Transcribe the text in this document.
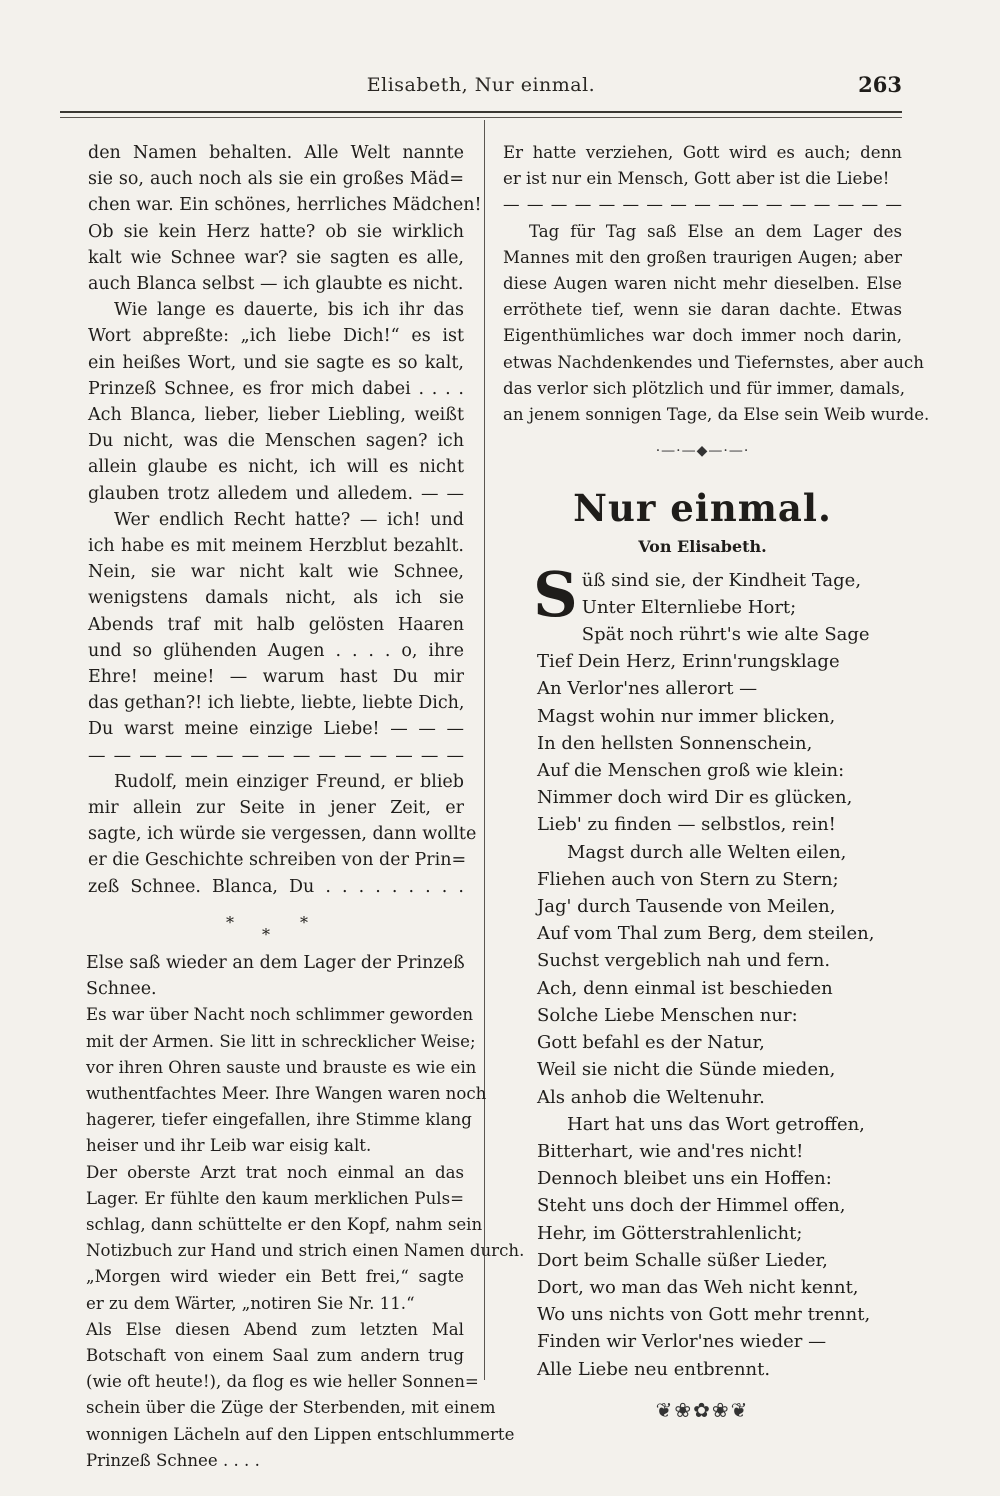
Elisabeth, Nur einmal.	263
den Namen behalten. Alle Welt nannte
sie so, auch noch als sie ein großes Mäd=
chen war. Ein schönes, herrliches Mädchen!
Ob sie kein Herz hatte? ob sie wirklich
kalt wie Schnee war? sie sagten es alle,
auch Blanca selbst — ich glaubte es nicht.
Wie lange es dauerte, bis ich ihr das
Wort abpreßte: „ich liebe Dich!“ es ist
ein heißes Wort, und sie sagte es so kalt,
Prinzeß Schnee, es fror mich dabei . . . .
Ach Blanca, lieber, lieber Liebling, weißt
Du nicht, was die Menschen sagen? ich
allein glaube es nicht, ich will es nicht
glauben trotz alledem und alledem. — —
Wer endlich Recht hatte? — ich! und
ich habe es mit meinem Herzblut bezahlt.
Nein, sie war nicht kalt wie Schnee,
wenigstens damals nicht, als ich sie
Abends traf mit halb gelösten Haaren
und so glühenden Augen . . . . o, ihre
Ehre! meine! — warum hast Du mir
das gethan?! ich liebte, liebte, liebte Dich,
Du warst meine einzige Liebe! — — —
— — — — — — — — — — — — — — —
Rudolf, mein einziger Freund, er blieb
mir allein zur Seite in jener Zeit, er
sagte, ich würde sie vergessen, dann wollte
er die Geschichte schreiben von der Prin=
zeß Schnee. Blanca, Du . . . . . . . . .
*
*
*
Else saß wieder an dem Lager der Prinzeß
Schnee.
Es war über Nacht noch schlimmer geworden
mit der Armen. Sie litt in schrecklicher Weise;
vor ihren Ohren sauste und brauste es wie ein
wuthentfachtes Meer. Ihre Wangen waren noch
hagerer, tiefer eingefallen, ihre Stimme klang
heiser und ihr Leib war eisig kalt.
Der oberste Arzt trat noch einmal an das
Lager. Er fühlte den kaum merklichen Puls=
schlag, dann schüttelte er den Kopf, nahm sein
Notizbuch zur Hand und strich einen Namen durch.
„Morgen wird wieder ein Bett frei,“ sagte
er zu dem Wärter, „notiren Sie Nr. 11.“
Als Else diesen Abend zum letzten Mal
Botschaft von einem Saal zum andern trug
(wie oft heute!), da flog es wie heller Sonnen=
schein über die Züge der Sterbenden, mit einem
wonnigen Lächeln auf den Lippen entschlummerte
Prinzeß Schnee . . . .
Er hatte verziehen, Gott wird es auch; denn
er ist nur ein Mensch, Gott aber ist die Liebe!
— — — — — — — — — — — — — — — — —
Tag für Tag saß Else an dem Lager des
Mannes mit den großen traurigen Augen; aber
diese Augen waren nicht mehr dieselben. Else
erröthete tief, wenn sie daran dachte. Etwas
Eigenthümliches war doch immer noch darin,
etwas Nachdenkendes und Tiefernstes, aber auch
das verlor sich plötzlich und für immer, damals,
an jenem sonnigen Tage, da Else sein Weib wurde.
·—·—◆—·—·
Nur einmal.
Von Elisabeth.
S üß sind sie, der Kindheit Tage,
Unter Elternliebe Hort;
Spät noch rührt's wie alte Sage
Tief Dein Herz, Erinn'rungsklage
An Verlor'nes allerort —
Magst wohin nur immer blicken,
In den hellsten Sonnenschein,
Auf die Menschen groß wie klein:
Nimmer doch wird Dir es glücken,
Lieb' zu finden — selbstlos, rein!
Magst durch alle Welten eilen,
Fliehen auch von Stern zu Stern;
Jag' durch Tausende von Meilen,
Auf vom Thal zum Berg, dem steilen,
Suchst vergeblich nah und fern.
Ach, denn einmal ist beschieden
Solche Liebe Menschen nur:
Gott befahl es der Natur,
Weil sie nicht die Sünde mieden,
Als anhob die Weltenuhr.
Hart hat uns das Wort getroffen,
Bitterhart, wie and'res nicht!
Dennoch bleibet uns ein Hoffen:
Steht uns doch der Himmel offen,
Hehr, im Götterstrahlenlicht;
Dort beim Schalle süßer Lieder,
Dort, wo man das Weh nicht kennt,
Wo uns nichts von Gott mehr trennt,
Finden wir Verlor'nes wieder —
Alle Liebe neu entbrennt.
❦❀✿❀❦
